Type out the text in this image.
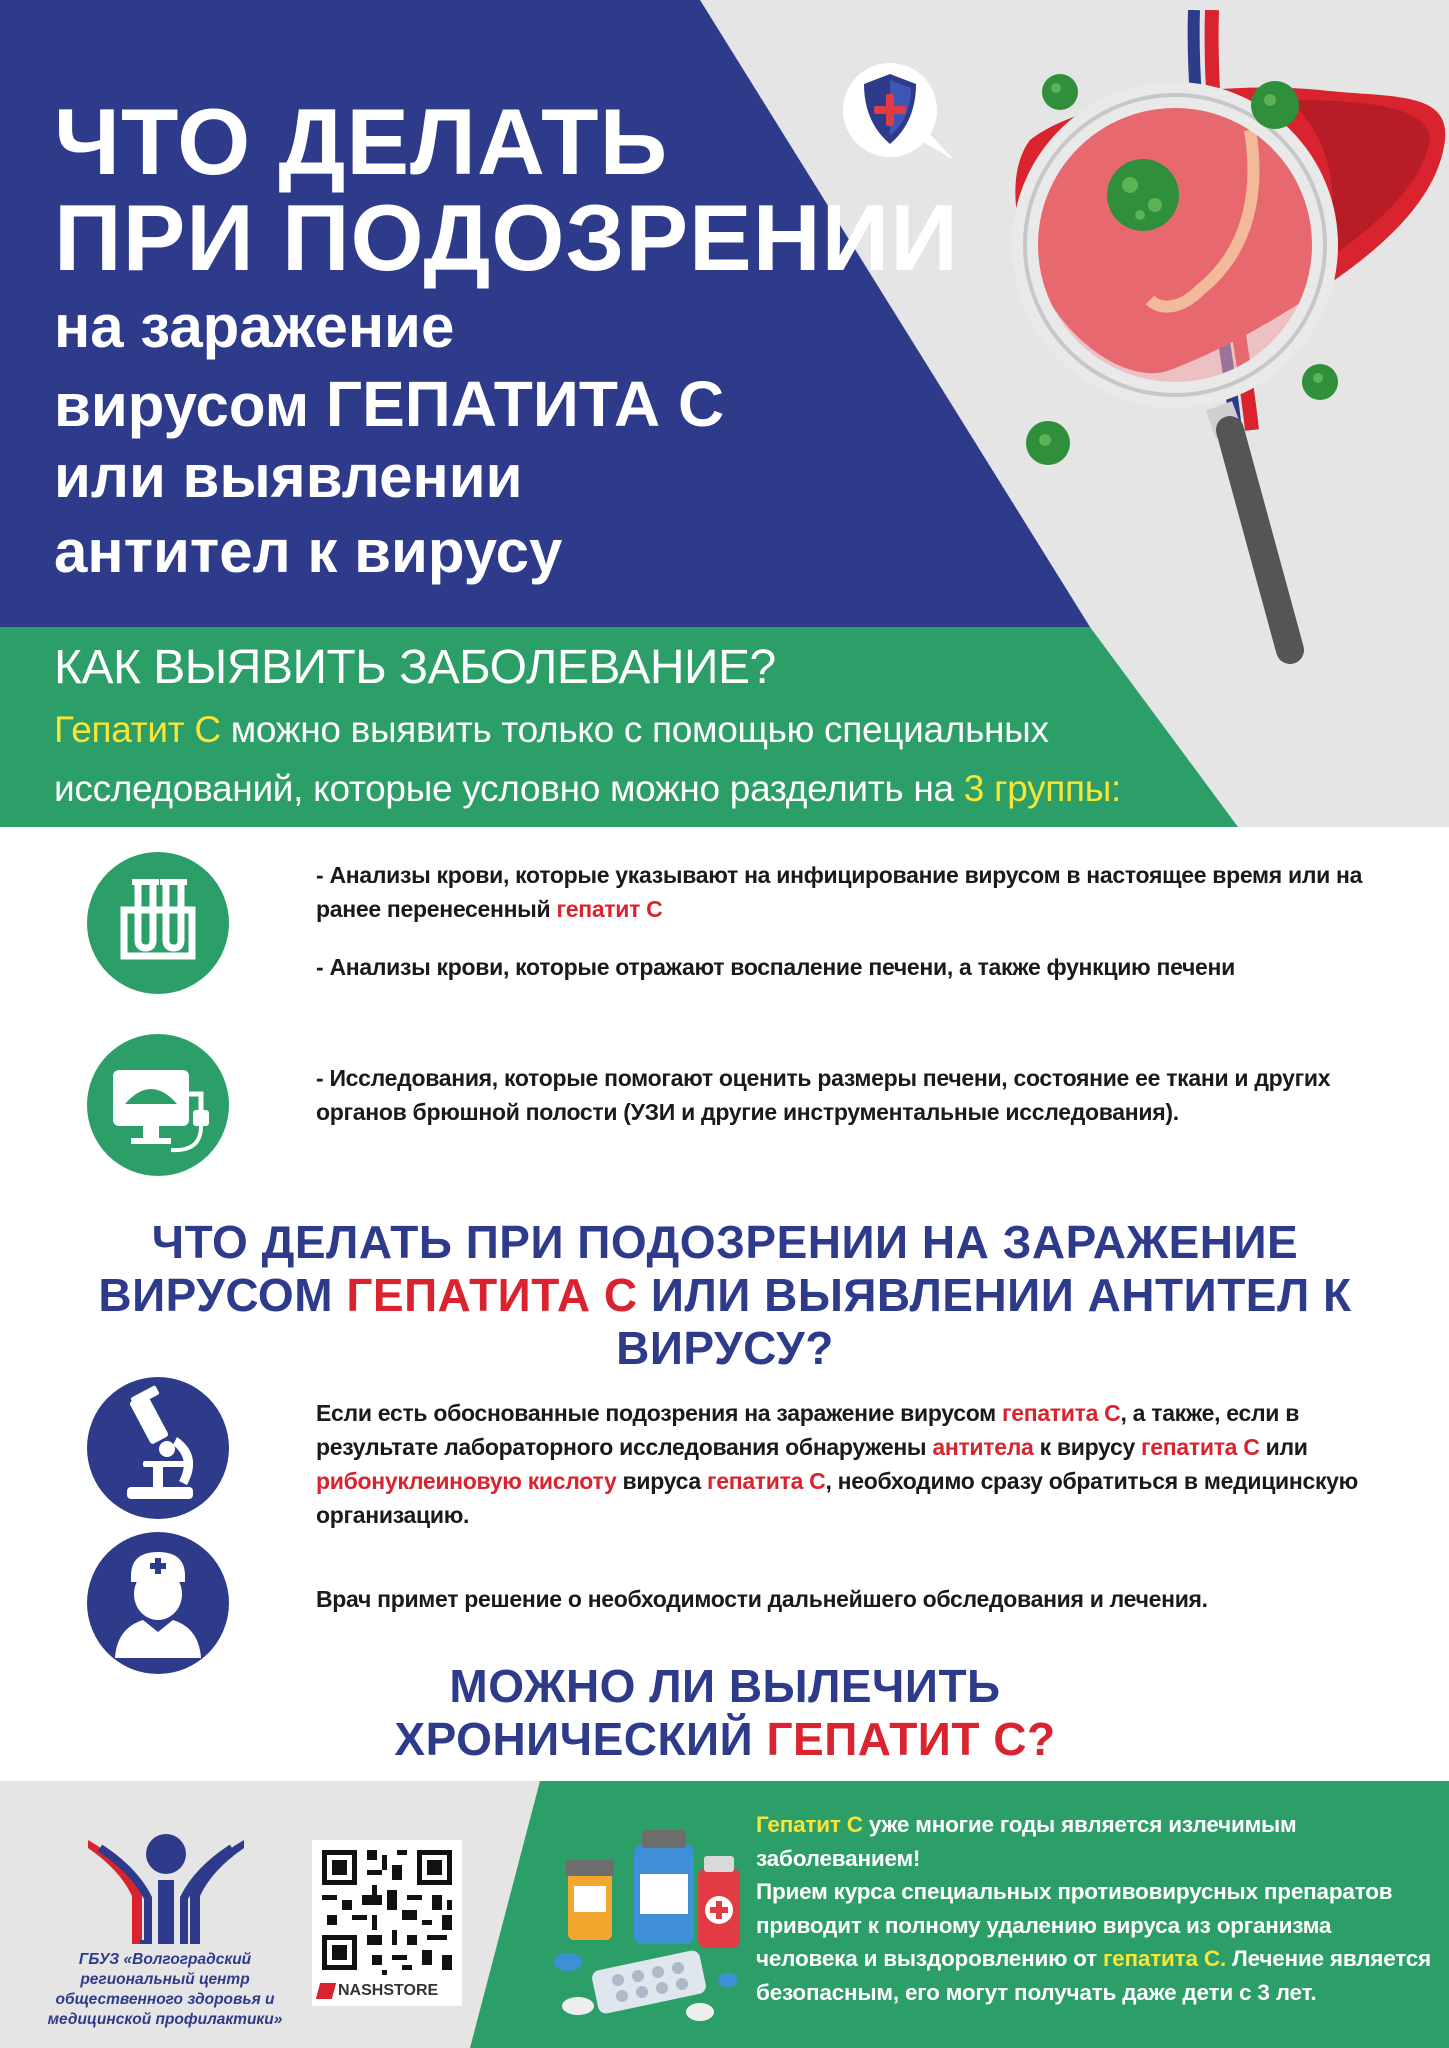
ЧТО ДЕЛАТЬ
ПРИ ПОДОЗРЕНИИ
на заражение
вирусом ГЕПАТИТА С
или выявлении
антител к вирусу
КАК ВЫЯВИТЬ ЗАБОЛЕВАНИЕ?
Гепатит С можно выявить только с помощью специальных исследований, которые условно можно разделить на 3 группы:
- Анализы крови, которые указывают на инфицирование вирусом в настоящее время или на ранее перенесенный гепатит С
- Анализы крови, которые отражают воспаление печени, а также функцию печени
- Исследования, которые помогают оценить размеры печени, состояние ее ткани и других органов брюшной полости (УЗИ и другие инструментальные исследования).
ЧТО ДЕЛАТЬ ПРИ ПОДОЗРЕНИИ НА ЗАРАЖЕНИЕ
ВИРУСОМ ГЕПАТИТА С ИЛИ ВЫЯВЛЕНИИ АНТИТЕЛ К
ВИРУСУ?
Если есть обоснованные подозрения на заражение вирусом гепатита С, а также, если в результате лабораторного исследования обнаружены антитела к вирусу гепатита С или рибонуклеиновую кислоту вируса гепатита С, необходимо сразу обратиться в медицинскую организацию.
Врач примет решение о необходимости дальнейшего обследования и лечения.
МОЖНО ЛИ ВЫЛЕЧИТЬ
ХРОНИЧЕСКИЙ ГЕПАТИТ С?
ГБУЗ «Волгоградский региональный центр общественного здоровья и медицинской профилактики»
NASHSTORE
Гепатит С уже многие годы является излечимым заболеванием!
Прием курса специальных противовирусных препаратов приводит к полному удалению вируса из организма человека и выздоровлению от гепатита С. Лечение является безопасным, его могут получать даже дети с 3 лет.
